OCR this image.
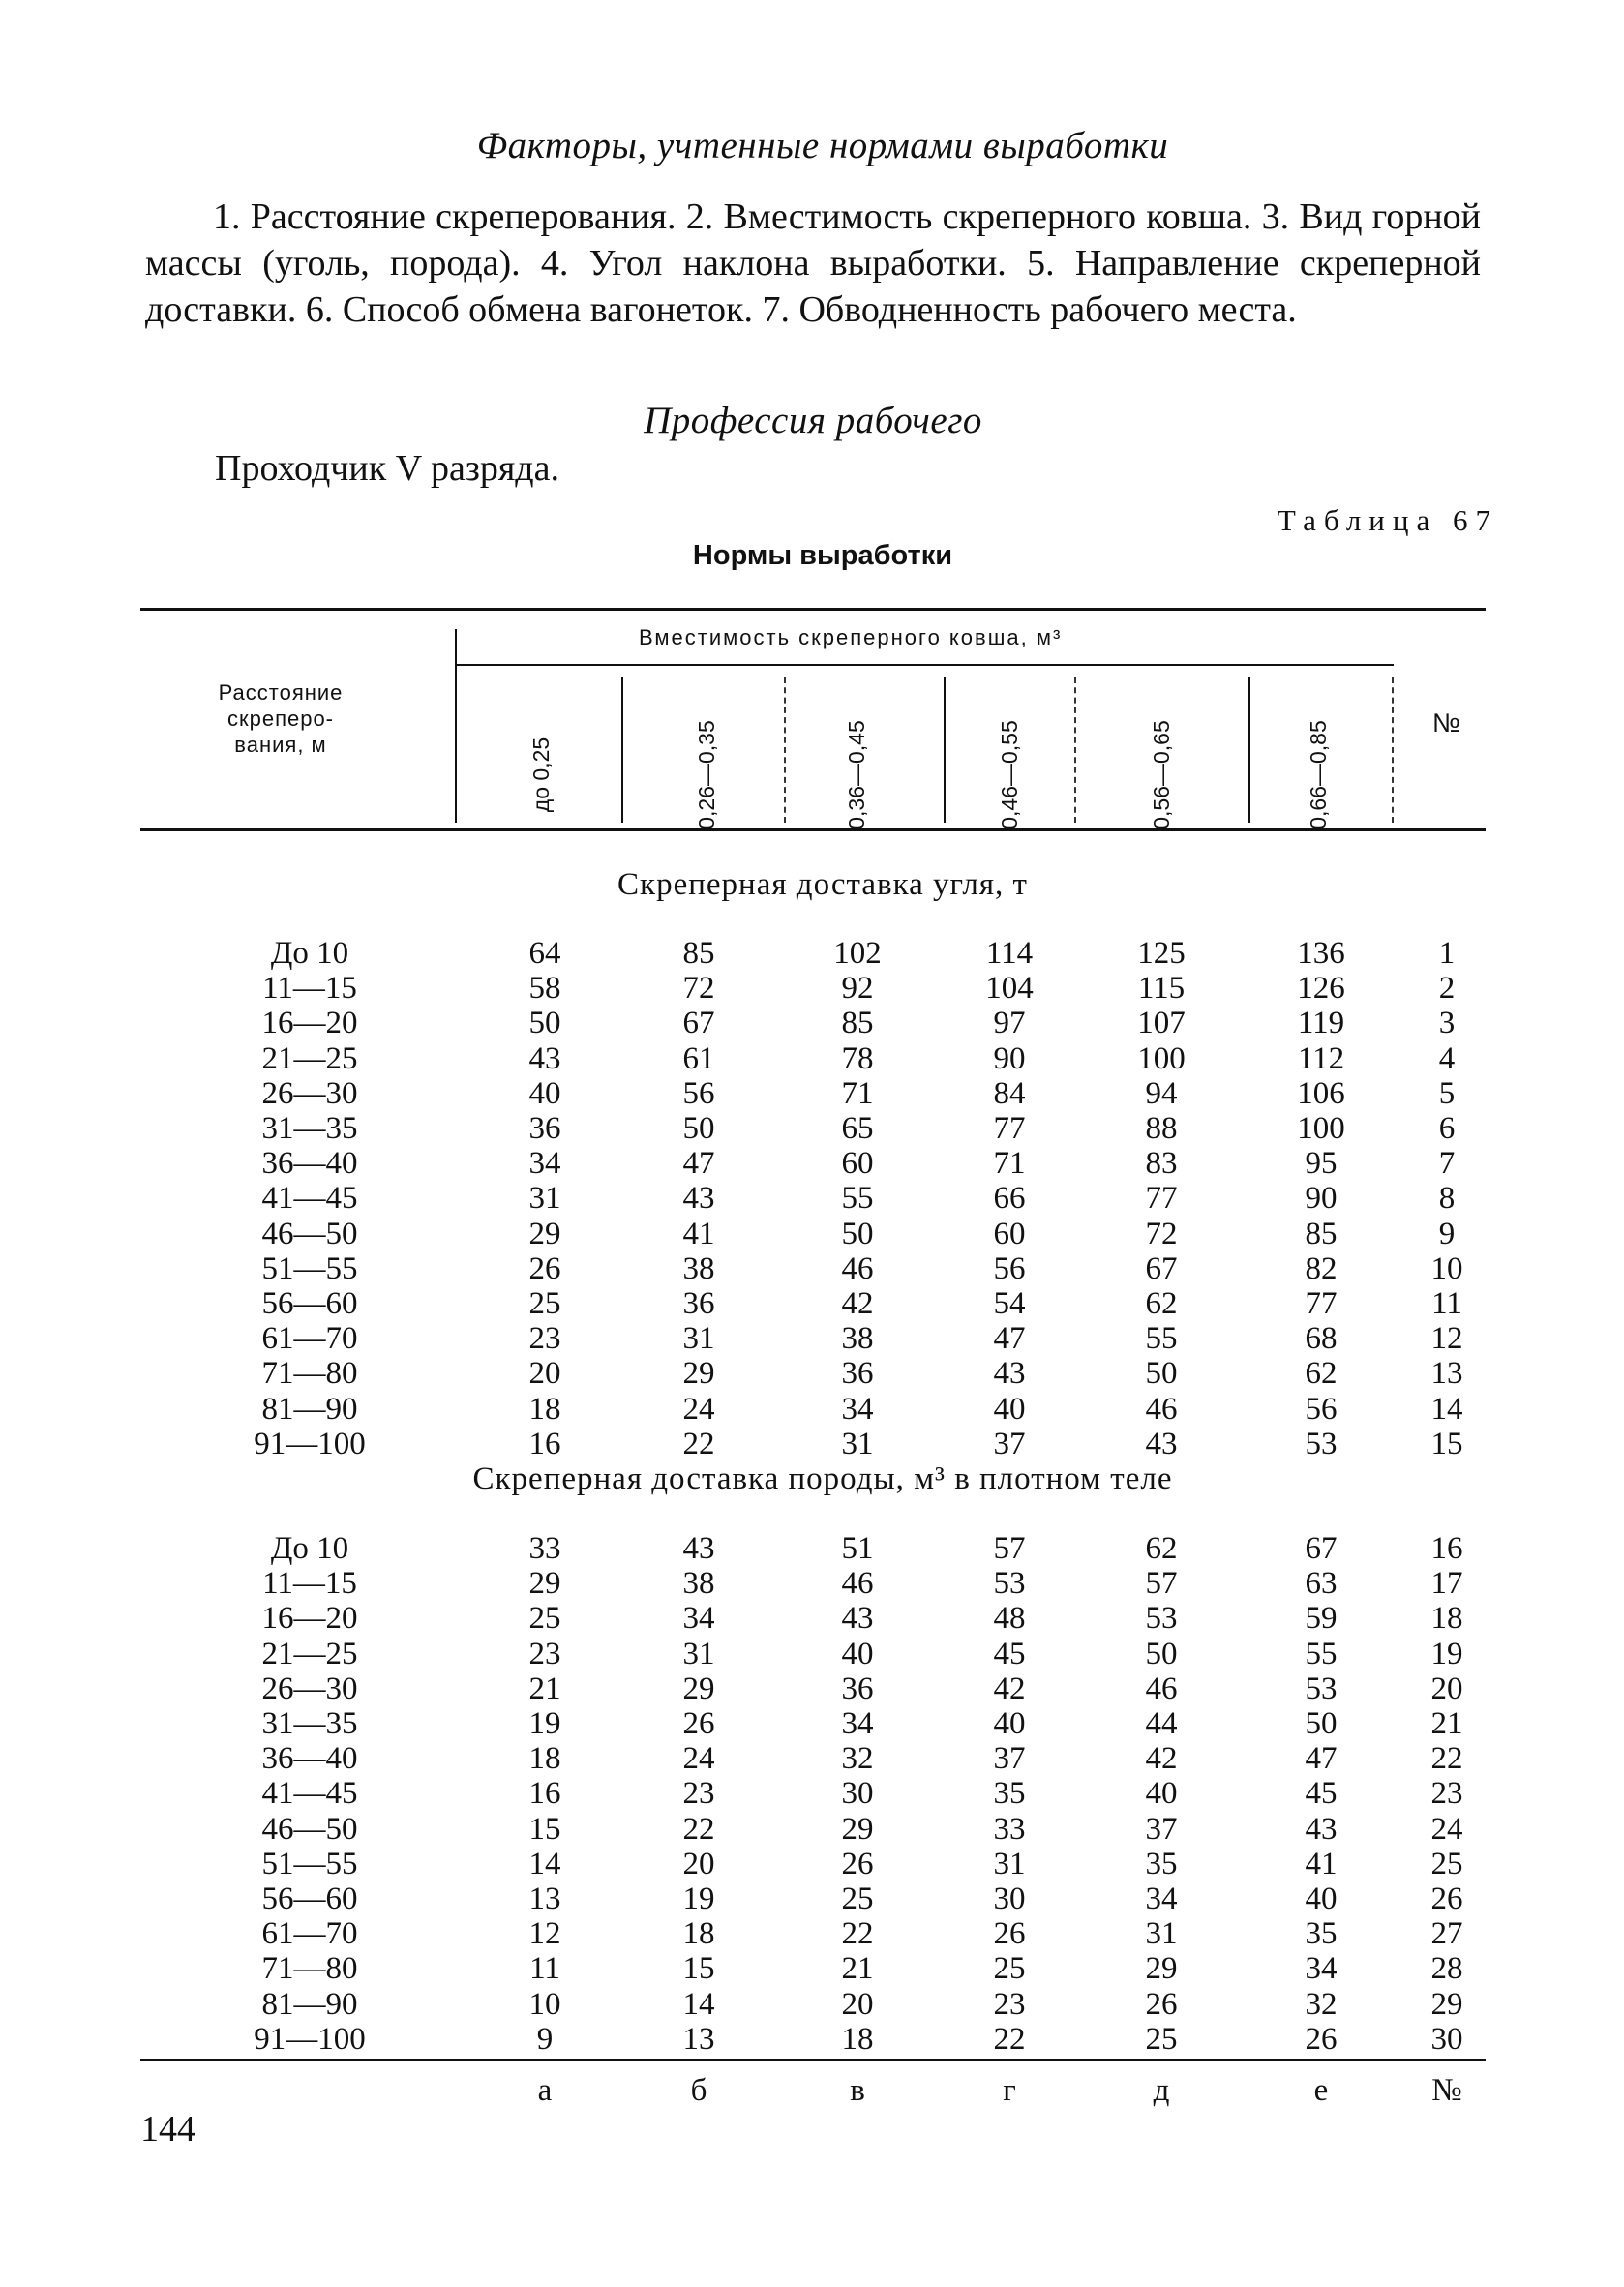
Факторы, учтенные нормами выработки
1. Расстояние скреперования. 2. Вместимость скреперного ковша. 3. Вид горной массы (уголь, порода). 4. Угол наклона выработки. 5. Направление скреперной доставки. 6. Способ обмена вагонеток. 7. Обводненность рабочего места.
Профессия рабочего
Проходчик V разряда.
Таблица 67
Нормы выработки
Расстояние
скреперо-
вания, м
Вместимость скреперного ковша, м³
до 0,25	0,26—0,35	0,36—0,45	0,46—0,55	0,56—0,65	0,66—0,85	№
Скреперная доставка угля, т
Скреперная доставка породы, м³ в плотном теле
До 10	64	85	102	114	125	136	1
11—15	58	72	92	104	115	126	2
16—20	50	67	85	97	107	119	3
21—25	43	61	78	90	100	112	4
26—30	40	56	71	84	94	106	5
31—35	36	50	65	77	88	100	6
36—40	34	47	60	71	83	95	7
41—45	31	43	55	66	77	90	8
46—50	29	41	50	60	72	85	9
51—55	26	38	46	56	67	82	10
56—60	25	36	42	54	62	77	11
61—70	23	31	38	47	55	68	12
71—80	20	29	36	43	50	62	13
81—90	18	24	34	40	46	56	14
91—100	16	22	31	37	43	53	15
До 10	33	43	51	57	62	67	16
11—15	29	38	46	53	57	63	17
16—20	25	34	43	48	53	59	18
21—25	23	31	40	45	50	55	19
26—30	21	29	36	42	46	53	20
31—35	19	26	34	40	44	50	21
36—40	18	24	32	37	42	47	22
41—45	16	23	30	35	40	45	23
46—50	15	22	29	33	37	43	24
51—55	14	20	26	31	35	41	25
56—60	13	19	25	30	34	40	26
61—70	12	18	22	26	31	35	27
71—80	11	15	21	25	29	34	28
81—90	10	14	20	23	26	32	29
91—100	9	13	18	22	25	26	30
а	б	в	г	д	е	№
144
